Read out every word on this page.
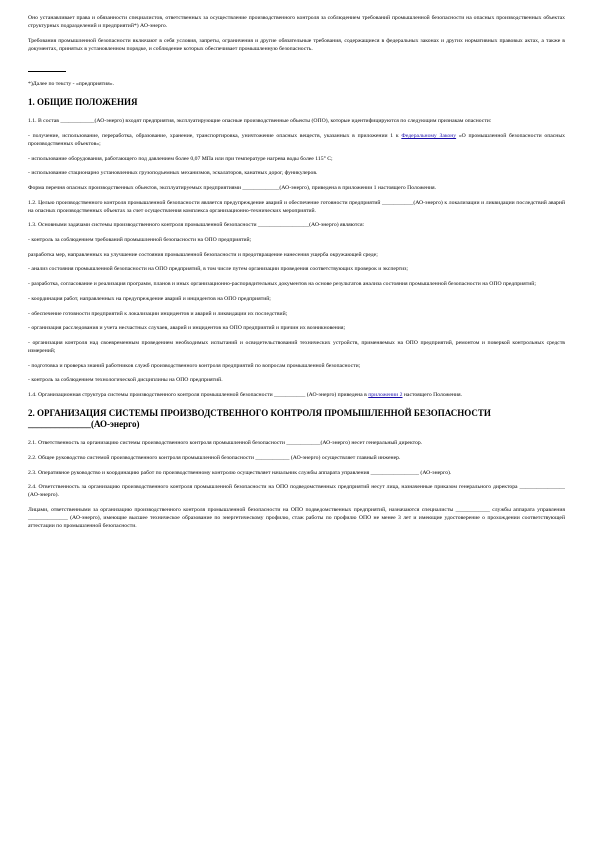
Оно устанавливает права и обязанности специалистов, ответственных за осуществление производственного контроля за соблюдением требований промышленной безопасности на опасных производственных объектах структурных подразделений и предприятий*) АО-энерго.

Требования промышленной безопасности включают в себя условия, запреты, ограничения и другие обязательные требования, содержащиеся в федеральных законах и других нормативных правовых актах, а также в документах, принятых в установленном порядке, и соблюдение которых обеспечивает промышленную безопасность.

*)Далее по тексту - «предприятия».

1. ОБЩИЕ ПОЛОЖЕНИЯ

1.1. В состав ____________(АО-энерго) входят предприятия, эксплуатирующие опасные производственные объекты (ОПО), которые идентифицируются по следующим признакам опасности:

- получение, использование, переработка, образование, хранение, транспортировка, уничтожение опасных веществ, указанных в приложении 1 к Федеральному Закону «О промышленной безопасности опасных производственных объектов»;

- использование оборудования, работающего под давлением более 0,07 МПа или при температуре нагрева воды более 115° С;

- использование стационарно установленных грузоподъемных механизмов, эскалаторов, канатных дорог, фуникулеров.

Форма перечня опасных производственных объектов, эксплуатируемых предприятиями _____________(АО-энерго), приведена в приложении 1 настоящего Положения.

1.2. Целью производственного контроля промышленной безопасности является предупреждение аварий и обеспечение готовности предприятий ___________(АО-энерго) к локализации и ликвидации последствий аварий на опасных производственных объектах за счет осуществления комплекса организационно-технических мероприятий.

1.3. Основными задачами системы производственного контроля промышленной безопасности __________________(АО-энерго) являются:

- контроль за соблюдением требований промышленной безопасности на ОПО предприятий;

разработка мер, направленных на улучшение состояния промышленной безопасности и предотвращение нанесения ущерба окружающей среде;

- анализ состояния промышленной безопасности на ОПО предприятий, в том числе путем организации проведения соответствующих проверок и экспертиз;

- разработка, согласование и реализация программ, планов и иных организационно-распорядительных документов на основе результатов анализа состояния промышленной безопасности на ОПО предприятий;

- координация работ, направленных на предупреждение аварий и инцидентов на ОПО предприятий;

- обеспечение готовности предприятий к локализации инцидентов и аварий и ликвидации их последствий;

- организация расследования и учета несчастных случаев, аварий и инцидентов на ОПО предприятий и причин их возникновения;

- организация контроля над своевременным проведением необходимых испытаний и освидетельствований технических устройств, применяемых на ОПО предприятий, ремонтом и поверкой контрольных средств измерений;

- подготовка и проверка знаний работников служб производственного контроля предприятий по вопросам промышленной безопасности;

- контроль за соблюдением технологической дисциплины на ОПО предприятий.

1.4. Организационная структура системы производственного контроля промышленной безопасности ___________ (АО-энерго) приведена в приложении 2 настоящего Положения.

2. ОРГАНИЗАЦИЯ СИСТЕМЫ ПРОИЗВОДСТВЕННОГО КОНТРОЛЯ ПРОМЫШЛЕННОЙ БЕЗОПАСНОСТИ ______________(АО-энерго)

2.1. Ответственность за организацию системы производственного контроля промышленной безопасности ____________(АО-энерго) несет генеральный директор.

2.2. Общее руководство системой производственного контроля промышленной безопасности ____________ (АО-энерго) осуществляет главный инженер.

2.3. Оперативное руководство и координацию работ по производственному контролю осуществляет начальник службы аппарата управления _________________ (АО-энерго).

2.4. Ответственность за организацию производственного контроля промышленной безопасности на ОПО подведомственных предприятий несут лица, назначенные приказом генерального директора ________________ (АО-энерго).

Лицами, ответственными за организацию производственного контроля промышленной безопасности на ОПО подведомственных предприятий, назначаются специалисты ____________ службы аппарата управления ______________ (АО-энерго), имеющие высшее техническое образование по энергетическому профилю, стаж работы по профилю ОПО не менее 3 лет и имеющие удостоверение о прохождении соответствующей аттестации по промышленной безопасности.
